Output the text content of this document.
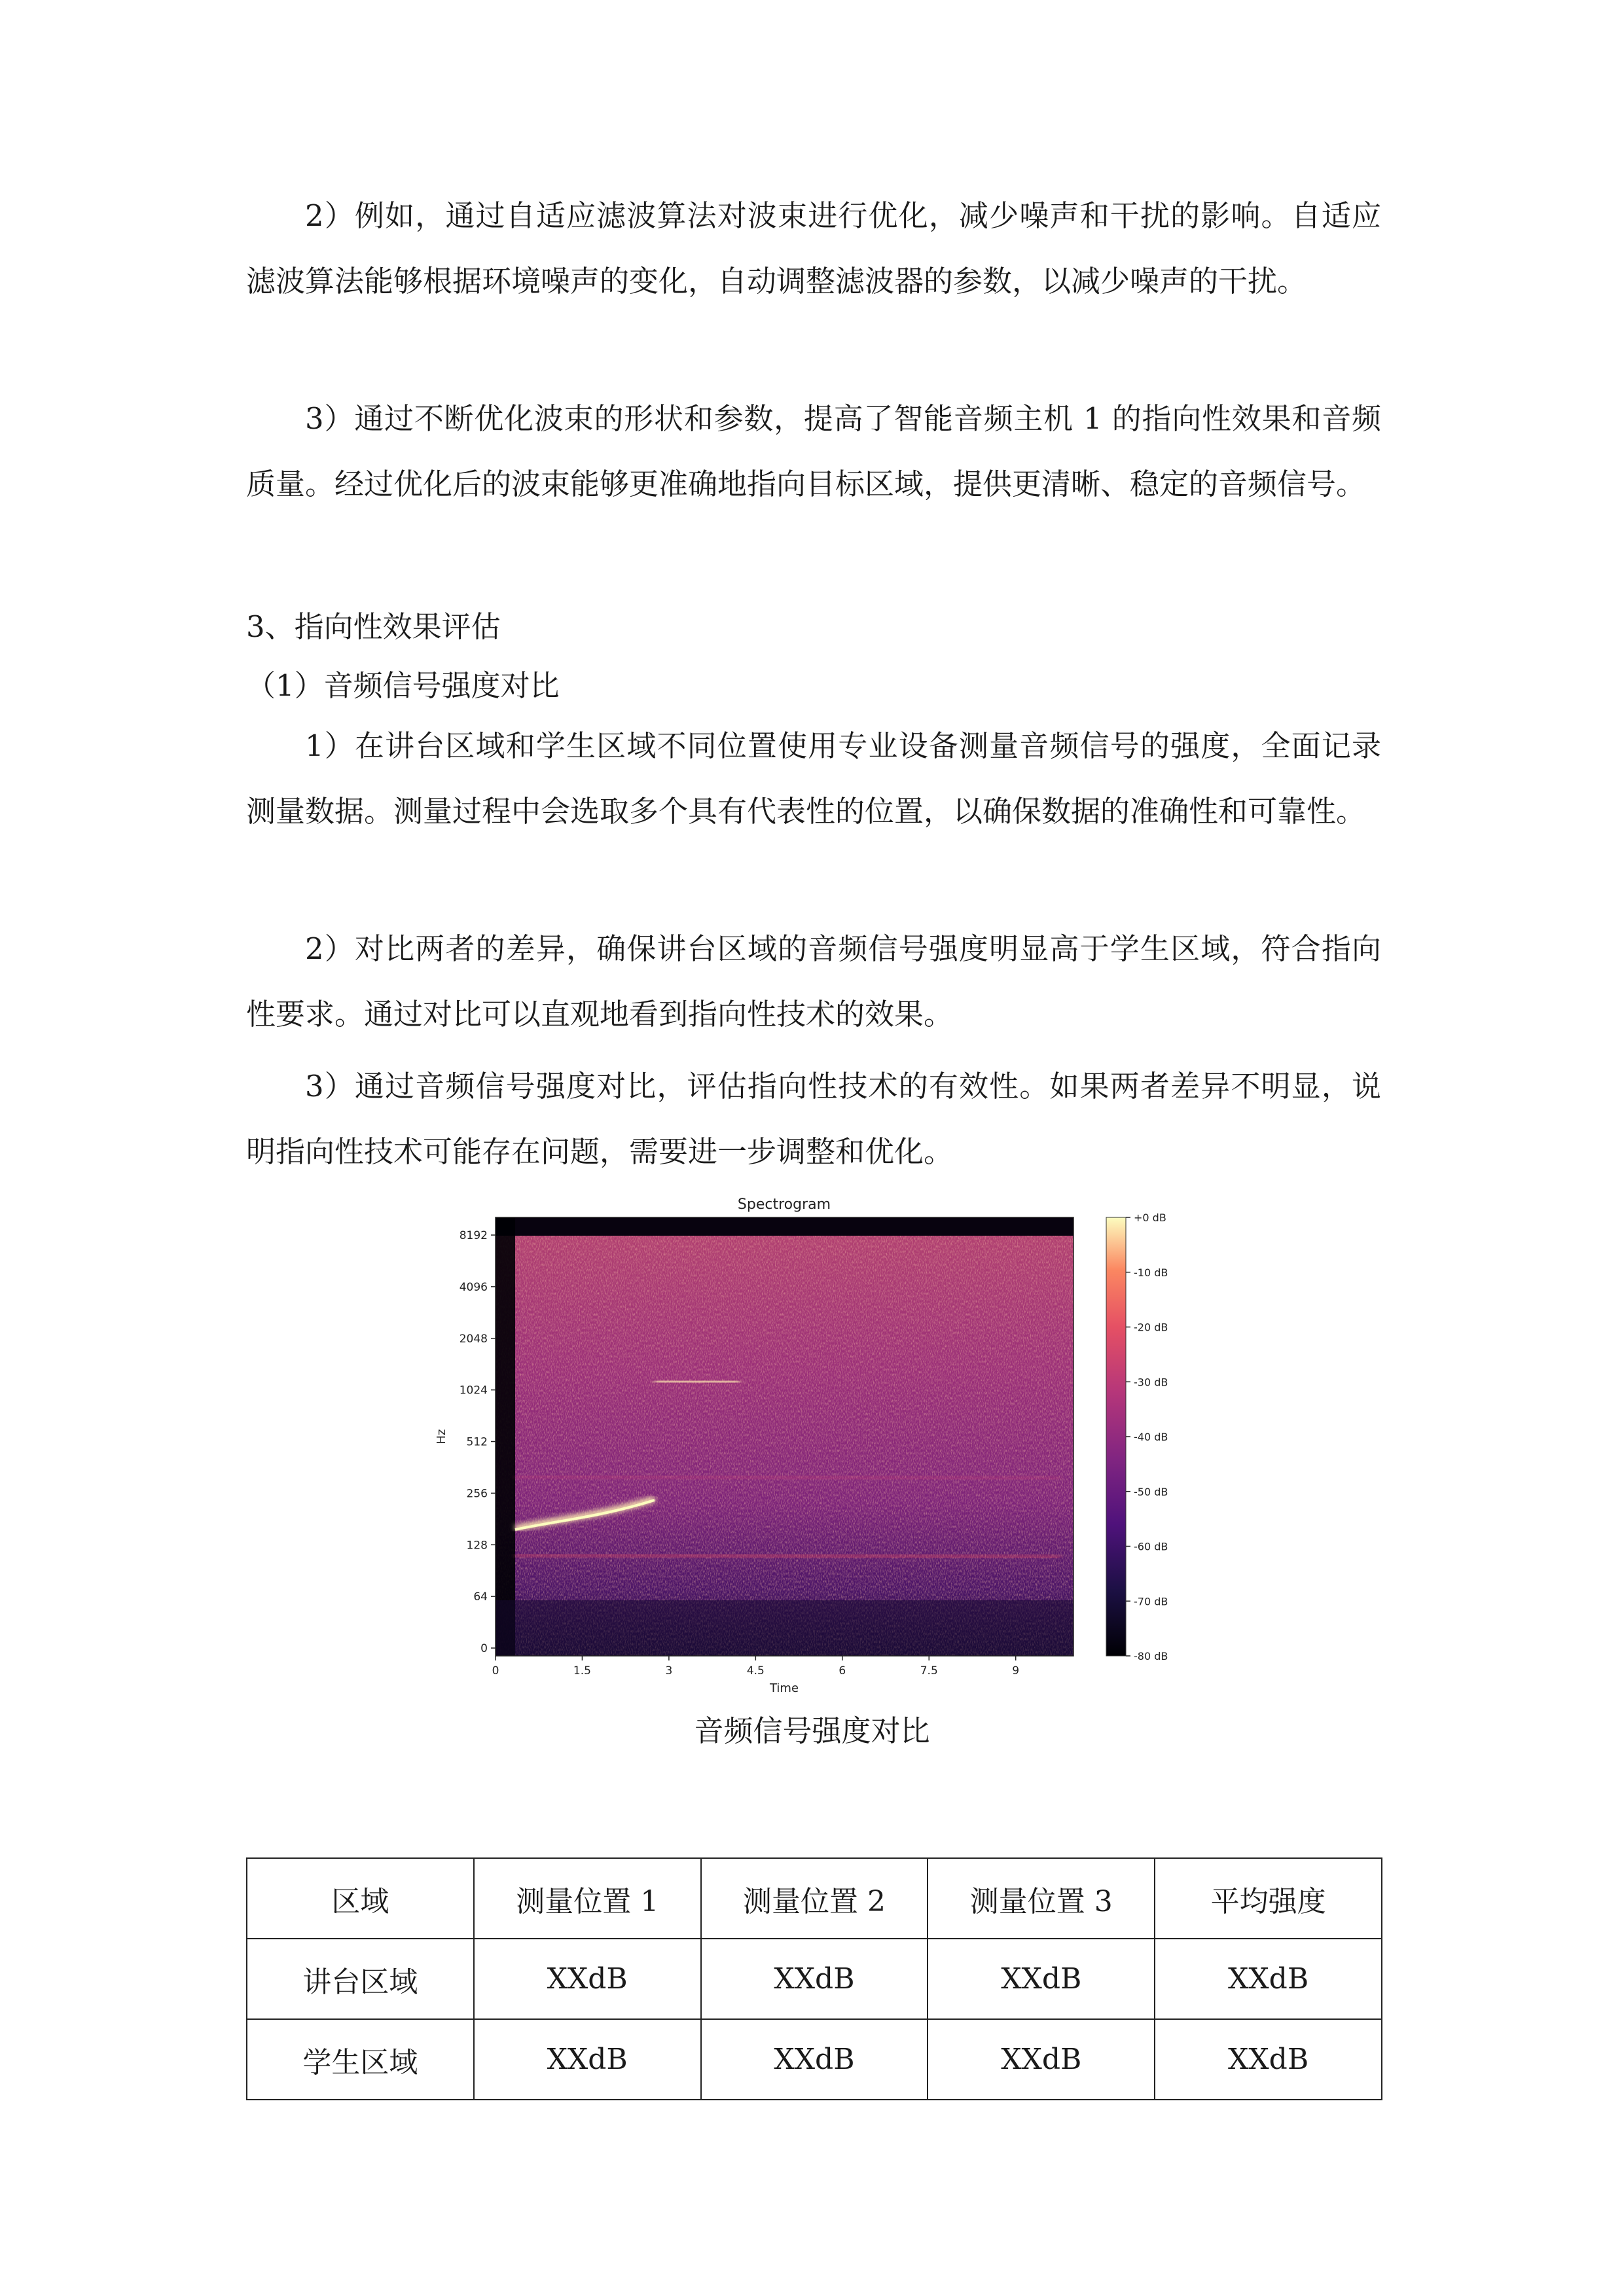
2）例如，通过自适应滤波算法对波束进行优化，减少噪声和干扰的影响。自适应滤波算法能够根据环境噪声的变化，自动调整滤波器的参数，以减少噪声的干扰。

3）通过不断优化波束的形状和参数，提高了智能音频主机 1 的指向性效果和音频质量。经过优化后的波束能够更准确地指向目标区域，提供更清晰、稳定的音频信号。

3、指向性效果评估

（1）音频信号强度对比

1）在讲台区域和学生区域不同位置使用专业设备测量音频信号的强度，全面记录测量数据。测量过程中会选取多个具有代表性的位置，以确保数据的准确性和可靠性。

2）对比两者的差异，确保讲台区域的音频信号强度明显高于学生区域，符合指向性要求。通过对比可以直观地看到指向性技术的效果。

3）通过音频信号强度对比，评估指向性技术的有效性。如果两者差异不明显，说明指向性技术可能存在问题，需要进一步调整和优化。

0	1.5	3	4.5	6	7.5	9
0
64
128
256
512
1024
2048
4096
8192
Spectrogram
Time
Hz
+0 dB
-10 dB
-20 dB
-30 dB
-40 dB
-50 dB
-60 dB
-70 dB
-80 dB
音频信号强度对比
区域	测量位置 1	测量位置 2	测量位置 3	平均强度
讲台区域	XXdB	XXdB	XXdB	XXdB
学生区域	XXdB	XXdB	XXdB	XXdB
